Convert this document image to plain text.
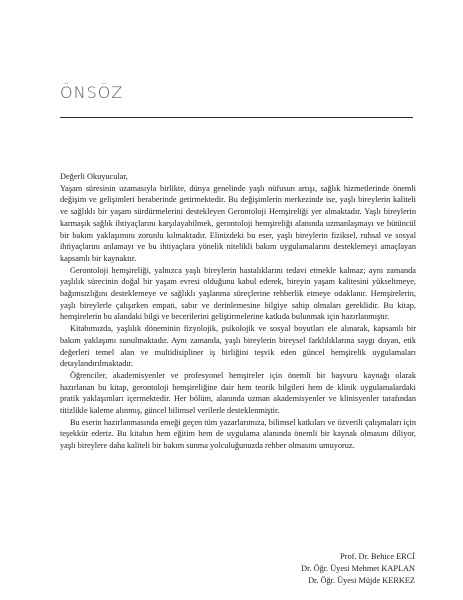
ÖNSÖZ

Değerli Okuyucular,

Yaşam süresinin uzamasıyla birlikte, dünya genelinde yaşlı nüfusun artışı, sağlık hizmetlerinde önemli değişim ve gelişimleri beraberinde getirmektedir. Bu değişimlerin merkezinde ise, yaşlı bireylerin kaliteli ve sağlıklı bir yaşam sürdürmelerini destekleyen Gerontoloji Hemşireliği yer almaktadır. Yaşlı bireylerin karmaşık sağlık ihtiyaçlarını karşılayabilmek, gerontoloji hemşireliği alanında uzmanlaşmayı ve bütüncül bir bakım yaklaşımını zorunlu kılmaktadır. Elinizdeki bu eser, yaşlı bireylerin fiziksel, ruhsal ve sosyal ihtiyaçlarını anlamayı ve bu ihtiyaçlara yönelik nitelikli bakım uygulamalarını desteklemeyi amaçlayan kapsamlı bir kaynaktır.

Gerontoloji hemşireliği, yalnızca yaşlı bireylerin hastalıklarını tedavi etmekle kalmaz; aynı zamanda yaşlılık sürecinin doğal bir yaşam evresi olduğunu kabul ederek, bireyin yaşam kalitesini yükseltmeye, bağımsızlığını desteklemeye ve sağlıklı yaşlanma süreçlerine rehberlik etmeye odaklanır. Hemşirelerin, yaşlı bireylerle çalışırken empati, sabır ve derinlemesine bilgiye sahip olmaları gereklidir. Bu kitap, hemşirelerin bu alandaki bilgi ve becerilerini geliştirmelerine katkıda bulunmak için hazırlanmıştır.

Kitabımızda, yaşlılık döneminin fizyolojik, psikolojik ve sosyal boyutları ele alınarak, kapsamlı bir bakım yaklaşımı sunulmaktadır. Aynı zamanda, yaşlı bireylerin bireysel farklılıklarına saygı duyan, etik değerleri temel alan ve multidisipliner iş birliğini teşvik eden güncel hemşirelik uygulamaları detaylandırılmaktadır.

Öğrenciler, akademisyenler ve profesyonel hemşireler için önemli bir başvuru kaynağı olarak hazırlanan bu kitap, gerontoloji hemşireliğine dair hem teorik bilgileri hem de klinik uygulamalardaki pratik yaklaşımları içermektedir. Her bölüm, alanında uzman akademisyenler ve klinisyenler tarafından titizlikle kaleme alınmış, güncel bilimsel verilerle desteklenmiştir.

Bu eserin hazırlanmasında emeği geçen tüm yazarlarımıza, bilimsel katkıları ve özverili çalışmaları için teşekkür ederiz. Bu kitabın hem eğitim hem de uygulama alanında önemli bir kaynak olmasını diliyor, yaşlı bireylere daha kaliteli bir bakım sunma yolculuğunuzda rehber olmasını umuyoruz.

Prof. Dr. Behice ERCİ
Dr. Öğr. Üyesi Mehmet KAPLAN
Dr. Öğr. Üyesi Müjde KERKEZ
